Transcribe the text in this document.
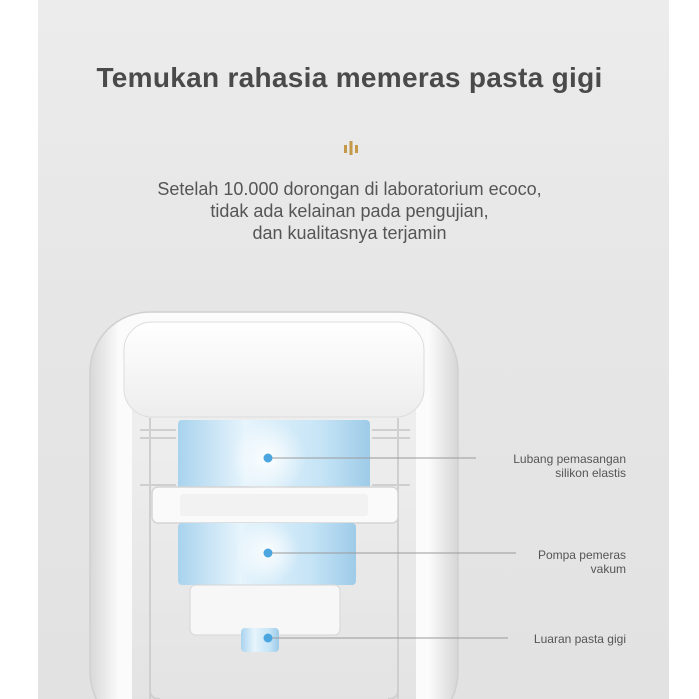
Temukan rahasia memeras pasta gigi
Setelah 10.000 dorongan di laboratorium ecoco,
tidak ada kelainan pada pengujian,
dan kualitasnya terjamin
Lubang pemasangan
silikon elastis
Pompa pemeras
vakum
Luaran pasta gigi
